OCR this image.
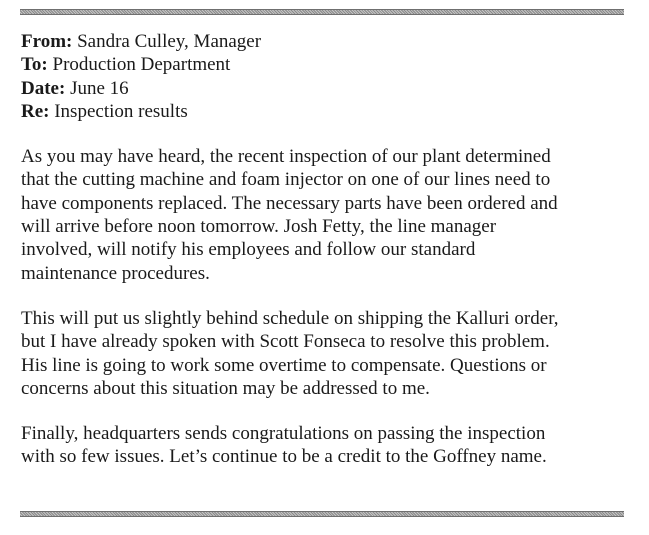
From: Sandra Culley, Manager

To: Production Department

Date: June 16

Re: Inspection results

As you may have heard, the recent inspection of our plant determined
that the cutting machine and foam injector on one of our lines need to
have components replaced. The necessary parts have been ordered and
will arrive before noon tomorrow. Josh Fetty, the line manager
involved, will notify his employees and follow our standard
maintenance procedures.

This will put us slightly behind schedule on shipping the Kalluri order,
but I have already spoken with Scott Fonseca to resolve this problem.
His line is going to work some overtime to compensate. Questions or
concerns about this situation may be addressed to me.

Finally, headquarters sends congratulations on passing the inspection
with so few issues. Let’s continue to be a credit to the Goffney name.
